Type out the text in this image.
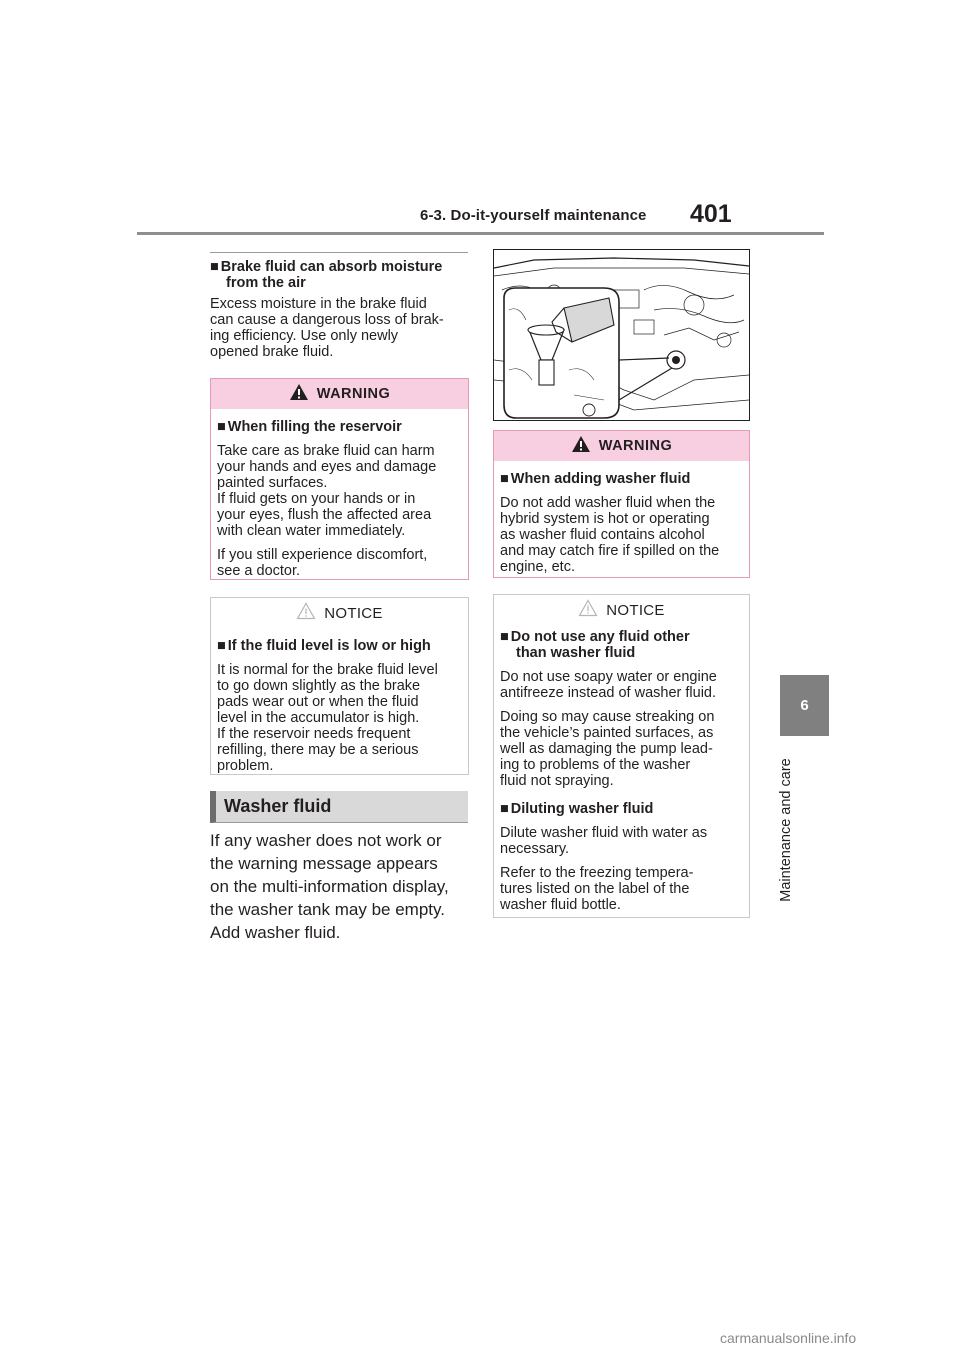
6-3. Do-it-yourself maintenance	401
6
Maintenance and care
■ Brake fluid can absorb moisture
from the air
Excess moisture in the brake fluid
can cause a dangerous loss of brak-
ing efficiency. Use only newly
opened brake fluid.
WARNING
■ When filling the reservoir

Take care as brake fluid can harm
your hands and eyes and damage
painted surfaces.
If fluid gets on your hands or in
your eyes, flush the affected area
with clean water immediately.

If you still experience discomfort,
see a doctor.

NOTICE
■ If the fluid level is low or high

It is normal for the brake fluid level
to go down slightly as the brake
pads wear out or when the fluid
level in the accumulator is high.
If the reservoir needs frequent
refilling, there may be a serious
problem.

Washer fluid
If any washer does not work or
the warning message appears
on the multi-information display,
the washer tank may be empty.
Add washer fluid.
WARNING
■ When adding washer fluid

Do not add washer fluid when the
hybrid system is hot or operating
as washer fluid contains alcohol
and may catch fire if spilled on the
engine, etc.

NOTICE
■ Do not use any fluid other
than washer fluid

Do not use soapy water or engine
antifreeze instead of washer fluid.

Doing so may cause streaking on
the vehicle’s painted surfaces, as
well as damaging the pump lead-
ing to problems of the washer
fluid not spraying.

■ Diluting washer fluid

Dilute washer fluid with water as
necessary.

Refer to the freezing tempera-
tures listed on the label of the
washer fluid bottle.

carmanualsonline.info
